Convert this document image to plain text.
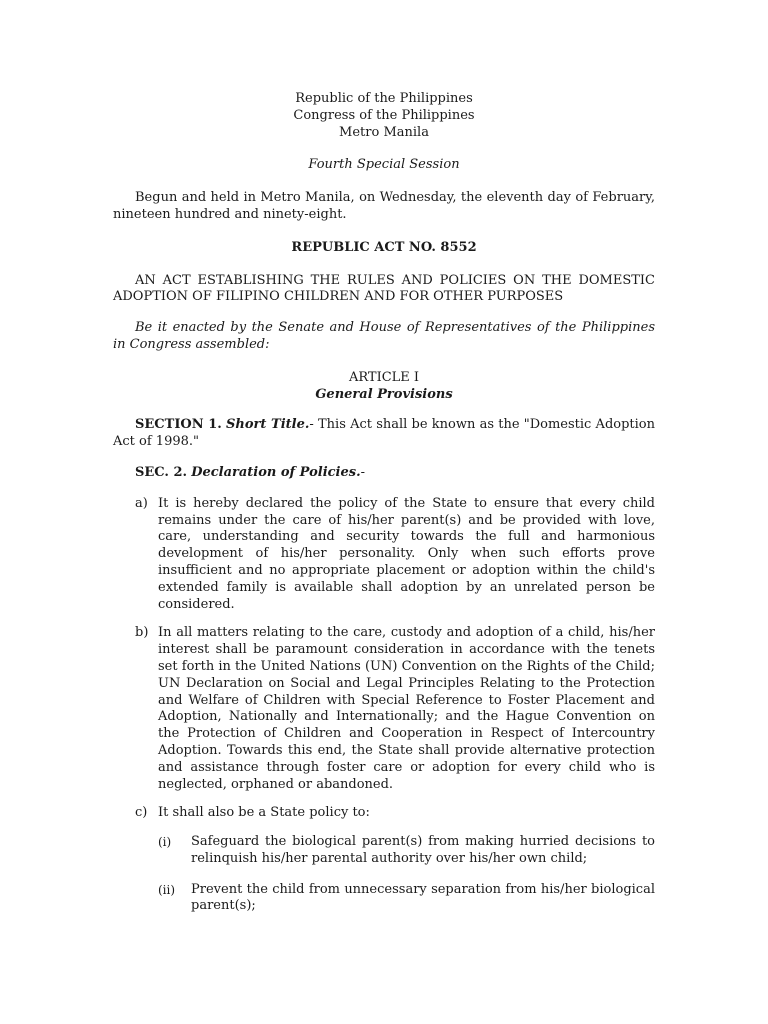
Republic of the Philippines

Congress of the Philippines

Metro Manila

Fourth Special Session

Begun and held in Metro Manila, on Wednesday, the eleventh day of February, nineteen hundred and ninety-eight.

REPUBLIC ACT NO. 8552

AN ACT ESTABLISHING THE RULES AND POLICIES ON THE DOMESTIC ADOPTION OF FILIPINO CHILDREN AND FOR OTHER PURPOSES

Be it enacted by the Senate and House of Representatives of the Philippines in Congress assembled:

ARTICLE I

General Provisions

SECTION 1. Short Title.- This Act shall be known as the "Domestic Adoption Act of 1998."

SEC. 2. Declaration of Policies.-

a) It is hereby declared the policy of the State to ensure that every child remains under the care of his/her parent(s) and be provided with love, care, understanding and security towards the full and harmonious development of his/her personality. Only when such efforts prove insufficient and no appropriate placement or adoption within the child's extended family is available shall adoption by an unrelated person be considered.
b) In all matters relating to the care, custody and adoption of a child, his/her interest shall be paramount consideration in accordance with the tenets set forth in the United Nations (UN) Convention on the Rights of the Child; UN Declaration on Social and Legal Principles Relating to the Protection and Welfare of Children with Special Reference to Foster Placement and Adoption, Nationally and Internationally; and the Hague Convention on the Protection of Children and Cooperation in Respect of Intercountry Adoption. Towards this end, the State shall provide alternative protection and assistance through foster care or adoption for every child who is neglected, orphaned or abandoned.
c) It shall also be a State policy to:
(i) Safeguard the biological parent(s) from making hurried decisions to relinquish his/her parental authority over his/her own child;
(ii) Prevent the child from unnecessary separation from his/her biological parent(s);
